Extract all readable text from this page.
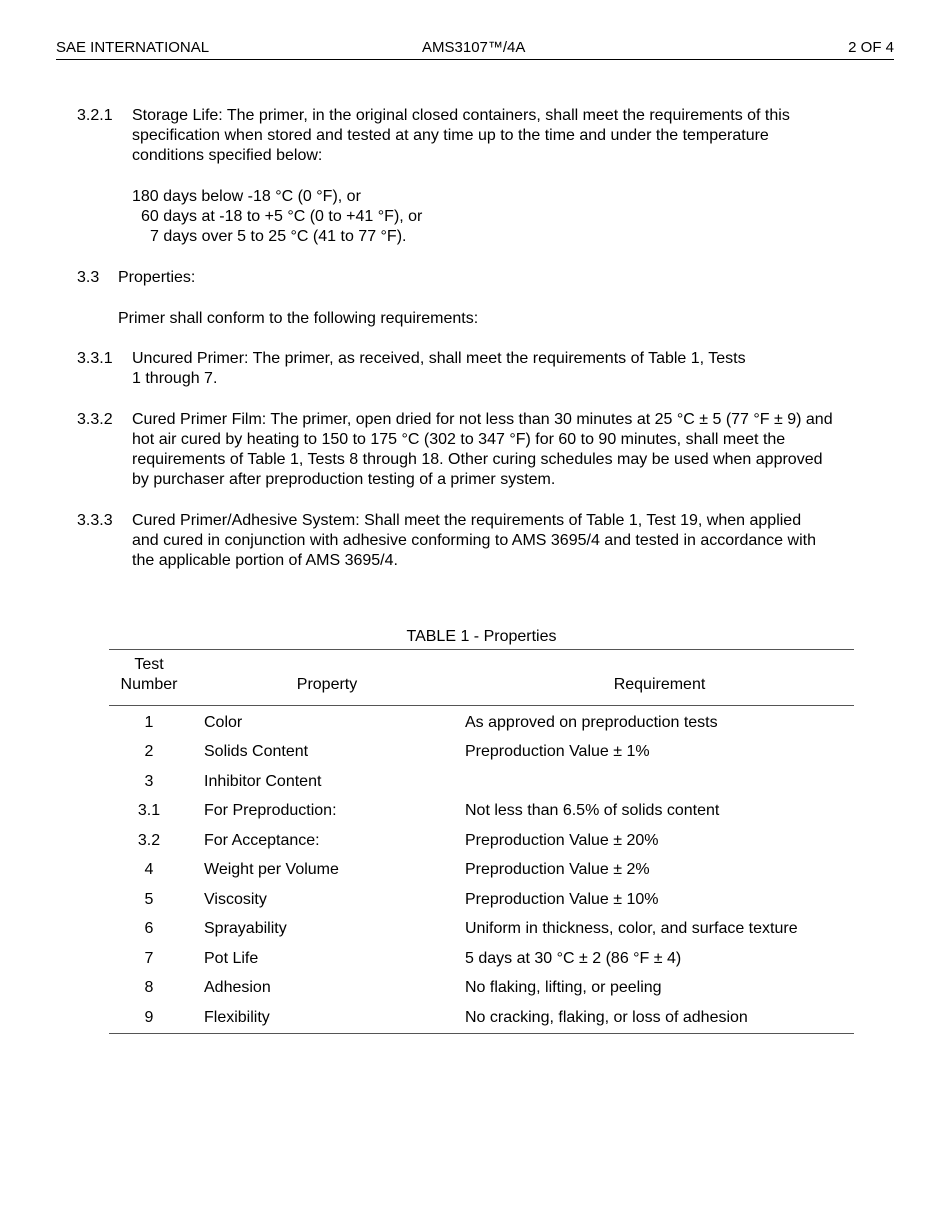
SAE INTERNATIONAL	AMS3107™/4A	2 OF 4
3.2.1 Storage Life: The primer, in the original closed containers, shall meet the requirements of this
specification when stored and tested at any time up to the time and under the temperature
conditions specified below:
180 days below -18 °C (0 °F), or
60 days at -18 to +5 °C (0 to +41 °F), or
7 days over 5 to 25 °C (41 to 77 °F).
3.3 Properties:
Primer shall conform to the following requirements:
3.3.1 Uncured Primer: The primer, as received, shall meet the requirements of Table 1, Tests
1 through 7.
3.3.2 Cured Primer Film: The primer, open dried for not less than 30 minutes at 25 °C ± 5 (77 °F ± 9) and
hot air cured by heating to 150 to 175 °C (302 to 347 °F) for 60 to 90 minutes, shall meet the
requirements of Table 1, Tests 8 through 18. Other curing schedules may be used when approved
by purchaser after preproduction testing of a primer system.
3.3.3 Cured Primer/Adhesive System: Shall meet the requirements of Table 1, Test 19, when applied
and cured in conjunction with adhesive conforming to AMS 3695/4 and tested in accordance with
the applicable portion of AMS 3695/4.
TABLE 1 - Properties
Test
Number	Property	Requirement
1	Color	As approved on preproduction tests
2	Solids Content	Preproduction Value ± 1%
3	Inhibitor Content	
3.1	For Preproduction:	Not less than 6.5% of solids content
3.2	For Acceptance:	Preproduction Value ± 20%
4	Weight per Volume	Preproduction Value ± 2%
5	Viscosity	Preproduction Value ± 10%
6	Sprayability	Uniform in thickness, color, and surface texture
7	Pot Life	5 days at 30 °C ± 2 (86 °F ± 4)
8	Adhesion	No flaking, lifting, or peeling
9	Flexibility	No cracking, flaking, or loss of adhesion
